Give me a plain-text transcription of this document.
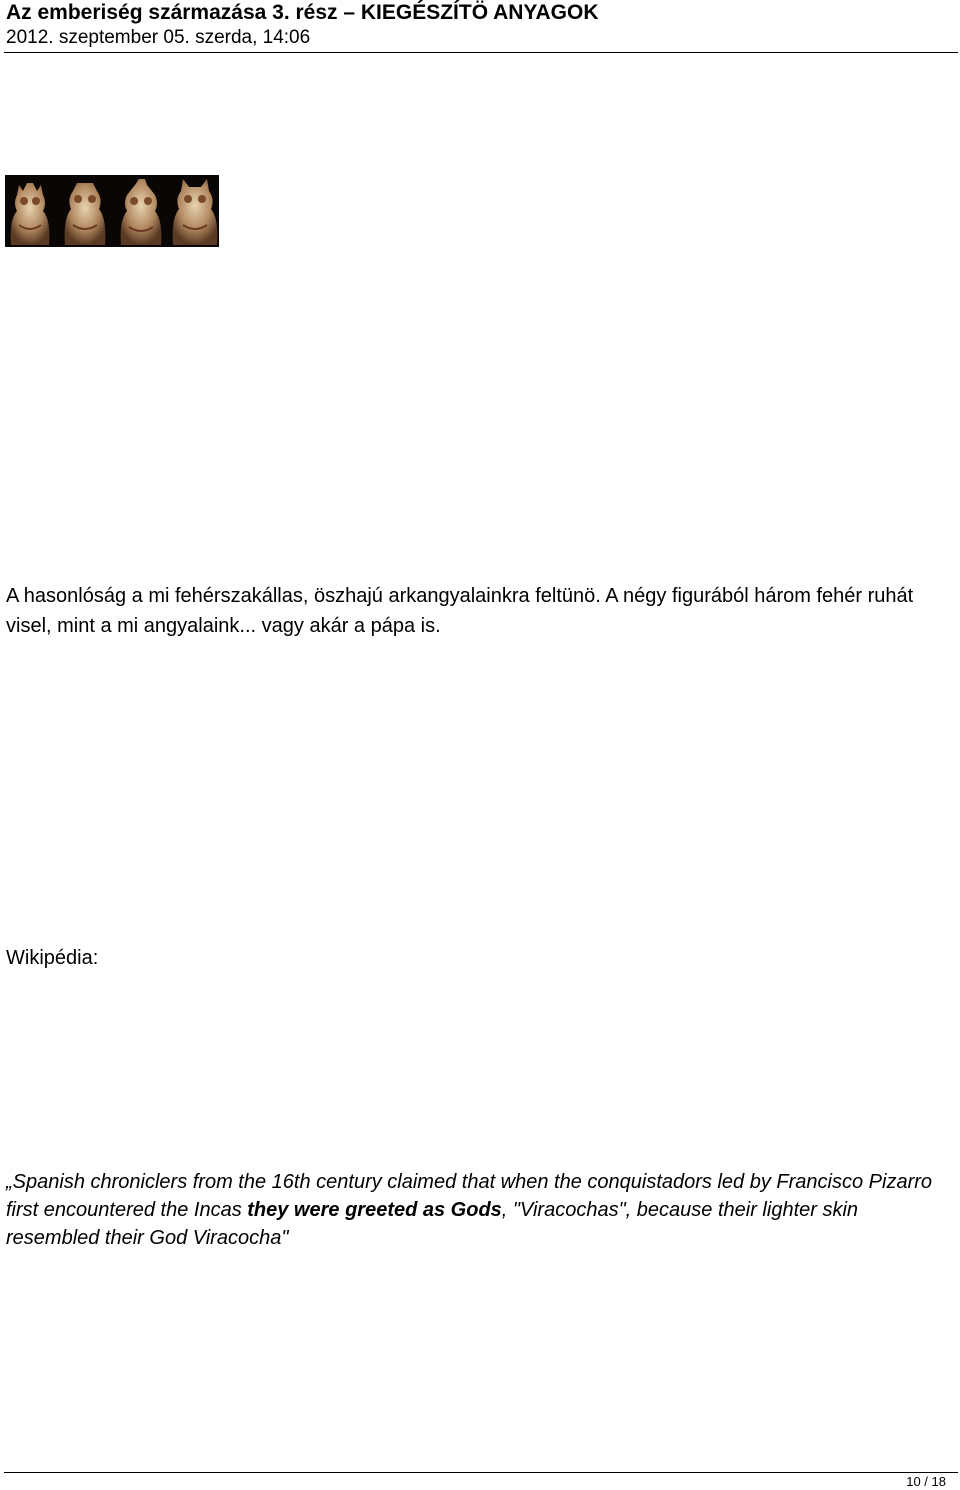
Az emberiség származása 3. rész – KIEGÉSZÍTÖ ANYAGOK
2012. szeptember 05. szerda, 14:06
A hasonlóság a mi fehérszakállas, öszhajú arkangyalainkra feltünö. A négy figurából három fehér ruhát visel, mint a mi angyalaink... vagy akár a pápa is.
Wikipédia:
„Spanish chroniclers from the 16th century claimed that when the conquistadors led by Francisco Pizarro first encountered the Incas they were greeted as Gods, "Viracochas", because their lighter skin resembled their God Viracocha"
10 / 18
